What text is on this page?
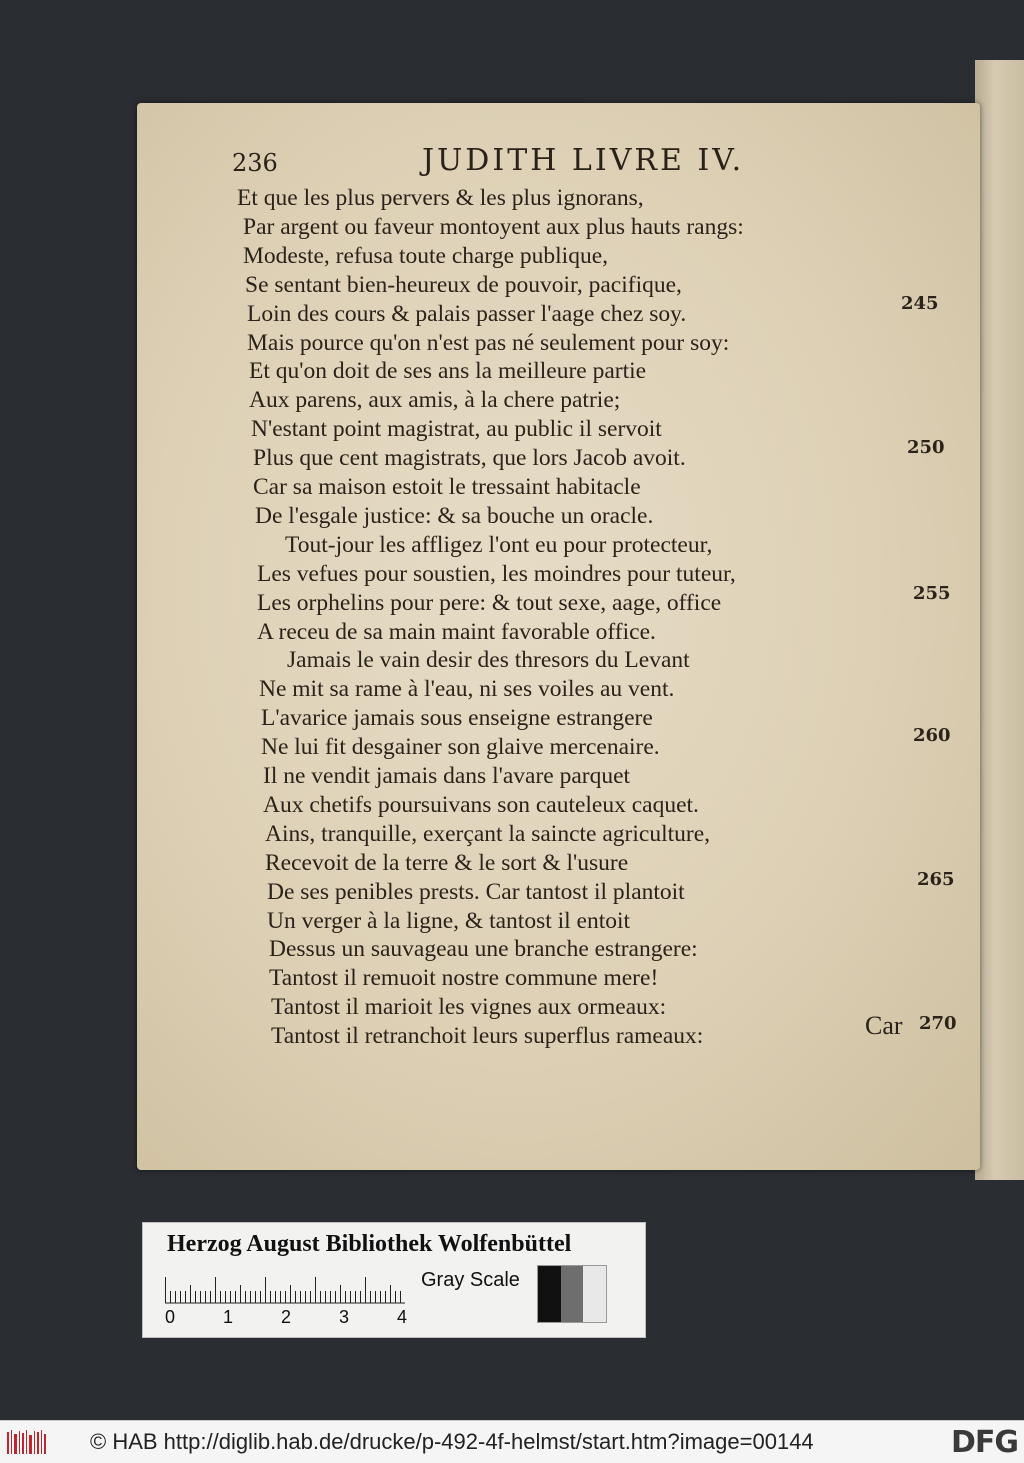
236	JUDITH LIVRE IV.
Et que les plus pervers & les plus ignorans,
Par argent ou faveur montoyent aux plus hauts rangs:
Modeste, refusa toute charge publique,
Se sentant bien-heureux de pouvoir, pacifique,
Loin des cours & palais passer l'aage chez soy.
Mais pource qu'on n'est pas né seulement pour soy:
Et qu'on doit de ses ans la meilleure partie
Aux parens, aux amis, à la chere patrie;
N'estant point magistrat, au public il servoit
Plus que cent magistrats, que lors Jacob avoit.
Car sa maison estoit le tressaint habitacle
De l'esgale justice: & sa bouche un oracle.
Tout-jour les affligez l'ont eu pour protecteur,
Les vefues pour soustien, les moindres pour tuteur,
Les orphelins pour pere: & tout sexe, aage, office
A receu de sa main maint favorable office.
Jamais le vain desir des thresors du Levant
Ne mit sa rame à l'eau, ni ses voiles au vent.
L'avarice jamais sous enseigne estrangere
Ne lui fit desgainer son glaive mercenaire.
Il ne vendit jamais dans l'avare parquet
Aux chetifs poursuivans son cauteleux caquet.
Ains, tranquille, exerçant la saincte agriculture,
Recevoit de la terre & le sort & l'usure
De ses penibles prests. Car tantost il plantoit
Un verger à la ligne, & tantost il entoit
Dessus un sauvageau une branche estrangere:
Tantost il remuoit nostre commune mere!
Tantost il marioit les vignes aux ormeaux:
Tantost il retranchoit leurs superflus rameaux:
245
250
255
260
265
270
Car
Herzog August Bibliothek Wolfenbüttel
0	1	2	3	4
Gray Scale
© HAB http://diglib.hab.de/drucke/p-492-4f-helmst/start.htm?image=00144	DFG
